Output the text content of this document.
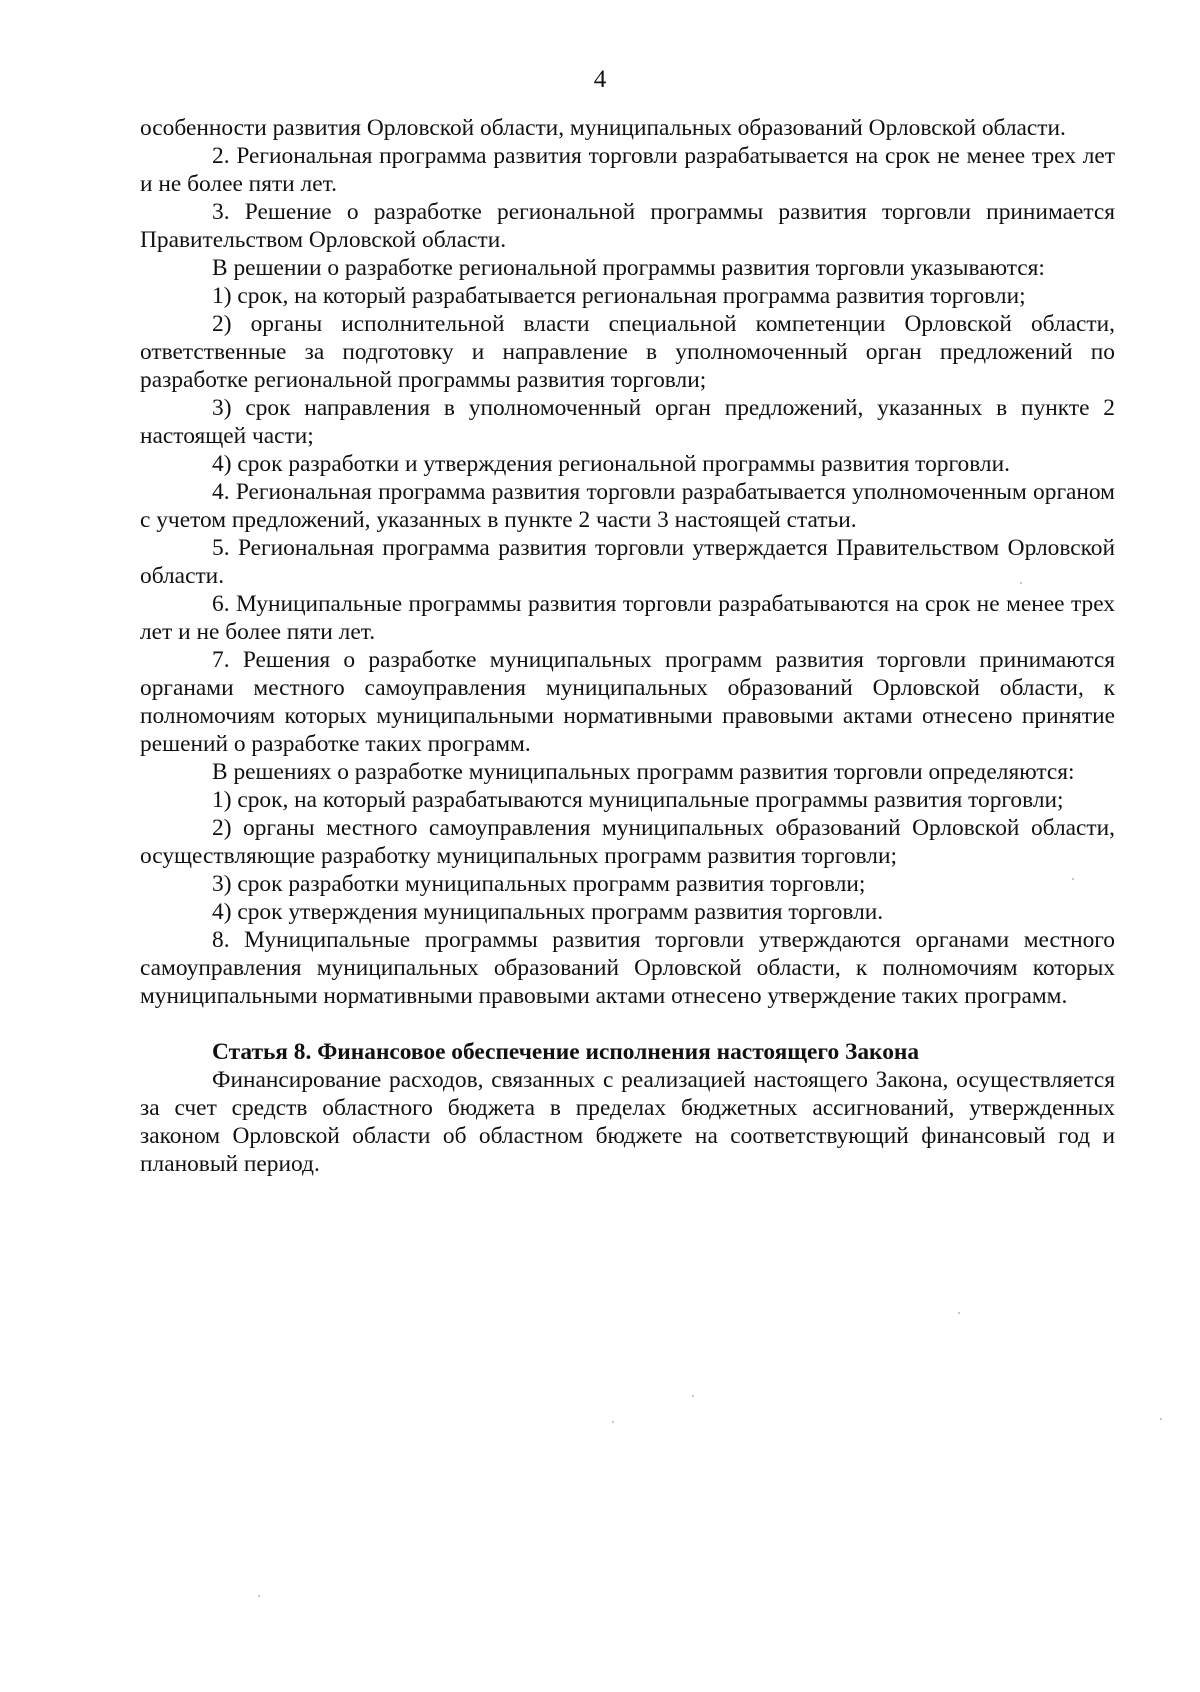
4

особенности развития Орловской области, муниципальных образований Орловской области.

2. Региональная программа развития торговли разрабатывается на срок не менее трех лет и не более пяти лет.

3. Решение о разработке региональной программы развития торговли принимается Правительством Орловской области.

В решении о разработке региональной программы развития торговли указываются:

1) срок, на который разрабатывается региональная программа развития торговли;

2) органы исполнительной власти специальной компетенции Орловской области, ответственные за подготовку и направление в уполномоченный орган предложений по разработке региональной программы развития торговли;

3) срок направления в уполномоченный орган предложений, указанных в пункте 2 настоящей части;

4) срок разработки и утверждения региональной программы развития торговли.

4. Региональная программа развития торговли разрабатывается уполномоченным органом с учетом предложений, указанных в пункте 2 части 3 настоящей статьи.

5. Региональная программа развития торговли утверждается Правительством Орловской области.

6. Муниципальные программы развития торговли разрабатываются на срок не менее трех лет и не более пяти лет.

7. Решения о разработке муниципальных программ развития торговли принимаются органами местного самоуправления муниципальных образований Орловской области, к полномочиям которых муниципальными нормативными правовыми актами отнесено принятие решений о разработке таких программ.

В решениях о разработке муниципальных программ развития торговли определяются:

1) срок, на который разрабатываются муниципальные программы развития торговли;

2) органы местного самоуправления муниципальных образований Орловской области, осуществляющие разработку муниципальных программ развития торговли;

3) срок разработки муниципальных программ развития торговли;

4) срок утверждения муниципальных программ развития торговли.

8. Муниципальные программы развития торговли утверждаются органами местного самоуправления муниципальных образований Орловской области, к полномочиям которых муниципальными нормативными правовыми актами отнесено утверждение таких программ.

Статья 8. Финансовое обеспечение исполнения настоящего Закона

Финансирование расходов, связанных с реализацией настоящего Закона, осуществляется за счет средств областного бюджета в пределах бюджетных ассигнований, утвержденных законом Орловской области об областном бюджете на соответствующий финансовый год и плановый период.
